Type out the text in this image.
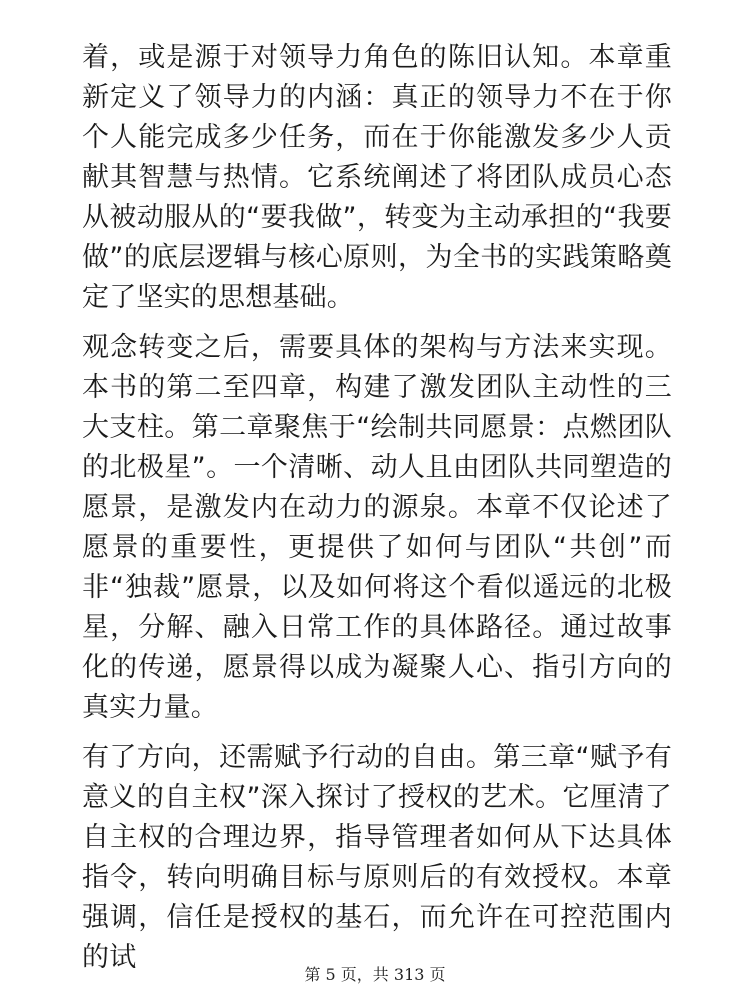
着，或是源于对领导力角色的陈旧认知。本章重新定义了领导力的内涵：真正的领导力不在于你个人能完成多少任务，而在于你能激发多少人贡献其智慧与热情。它系统阐述了将团队成员心态从被动服从的“要我做”，转变为主动承担的“我要做”的底层逻辑与核心原则，为全书的实践策略奠定了坚实的思想基础。

观念转变之后，需要具体的架构与方法来实现。本书的第二至四章，构建了激发团队主动性的三大支柱。第二章聚焦于“绘制共同愿景：点燃团队的北极星”。一个清晰、动人且由团队共同塑造的愿景，是激发内在动力的源泉。本章不仅论述了愿景的重要性，更提供了如何与团队“共创”而非“独裁”愿景，以及如何将这个看似遥远的北极星，分解、融入日常工作的具体路径。通过故事化的传递，愿景得以成为凝聚人心、指引方向的真实力量。

有了方向，还需赋予行动的自由。第三章“赋予有意义的自主权”深入探讨了授权的艺术。它厘清了自主权的合理边界，指导管理者如何从下达具体指令，转向明确目标与原则后的有效授权。本章强调，信任是授权的基石，而允许在可控范围内的试

第 5 页，共 313 页
